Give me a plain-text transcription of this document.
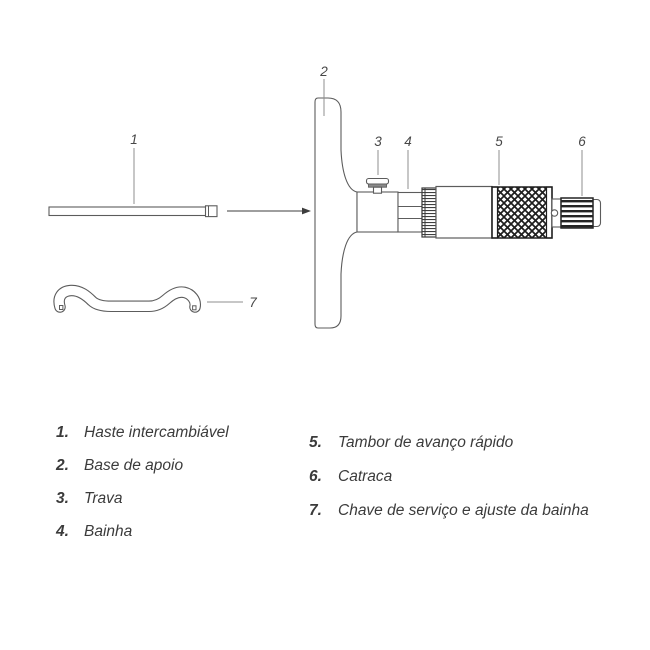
1
2
3 4	5	6
7
1. Haste intercambiável
2. Base de apoio
3. Trava
4. Bainha
5.	Tambor de avanço rápido
6.	Catraca
7.	Chave de serviço e ajuste da bainha
